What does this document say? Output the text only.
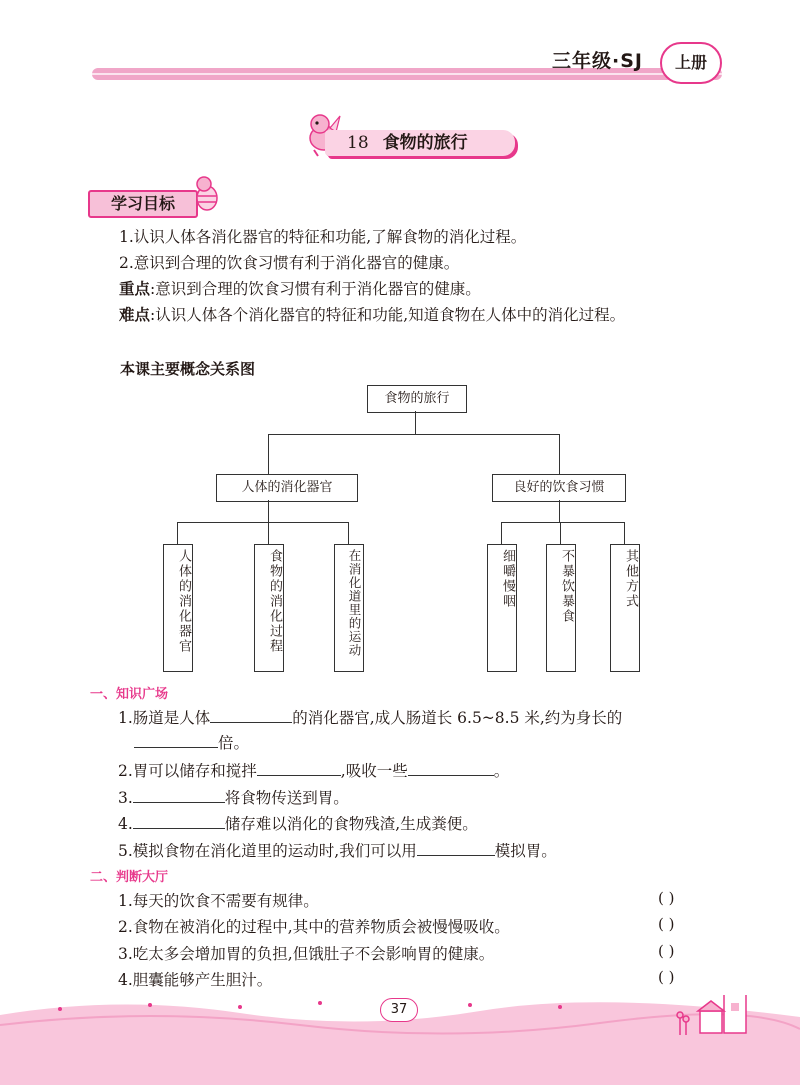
三年级·SJ	上册
18 食物的旅行
学习目标

1.认识人体各消化器官的特征和功能,了解食物的消化过程。

2.意识到合理的饮食习惯有利于消化器官的健康。

重点:意识到合理的饮食习惯有利于消化器官的健康。

难点:认识人体各个消化器官的特征和功能,知道食物在人体中的消化过程。

本课主要概念关系图
食物的旅行
人体的消化器官	良好的饮食习惯
人体的消化器官	食物的消化过程	在消化道里的运动	细嚼慢咽	不暴饮暴食	其他方式
一、知识广场
1.肠道是人体	的消化器官,成人肠道长 6.5~8.5 米,约为身长的
倍。
2.胃可以储存和搅拌	,吸收一些	。
3.	将食物传送到胃。
4.	储存难以消化的食物残渣,生成粪便。
5.模拟食物在消化道里的运动时,我们可以用	模拟胃。
二、判断大厅
1.每天的饮食不需要有规律。	( )
2.食物在被消化的过程中,其中的营养物质会被慢慢吸收。	( )
3.吃太多会增加胃的负担,但饿肚子不会影响胃的健康。	( )
4.胆囊能够产生胆汁。	( )
37
